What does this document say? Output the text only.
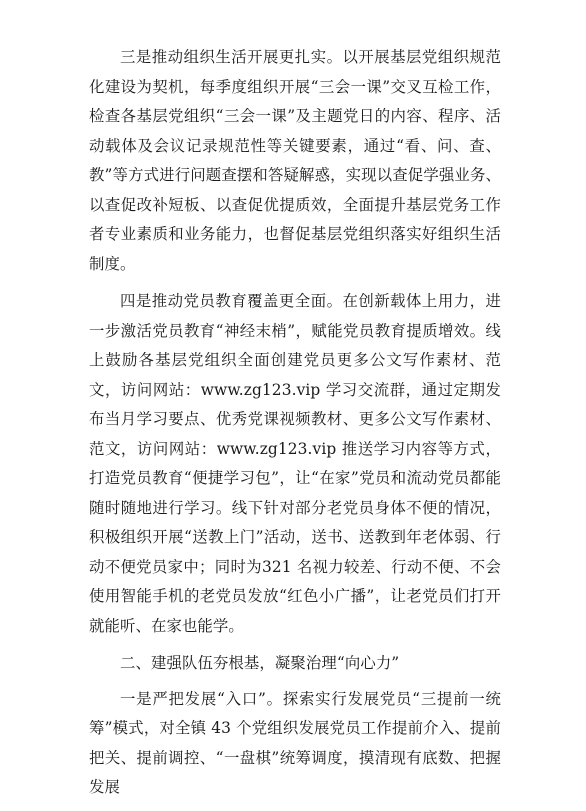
三是推动组织生活开展更扎实。以开展基层党组织规范化建设为契机，每季度组织开展“三会一课”交叉互检工作，检查各基层党组织“三会一课”及主题党日的内容、程序、活动载体及会议记录规范性等关键要素，通过“看、问、查、教”等方式进行问题查摆和答疑解惑，实现以查促学强业务、以查促改补短板、以查促优提质效，全面提升基层党务工作者专业素质和业务能力，也督促基层党组织落实好组织生活制度。

四是推动党员教育覆盖更全面。在创新载体上用力，进一步激活党员教育“神经末梢”，赋能党员教育提质增效。线上鼓励各基层党组织全面创建党员更多公文写作素材、范文，访问网站：www.zg123.vip 学习交流群，通过定期发布当月学习要点、优秀党课视频教材、更多公文写作素材、范文，访问网站：www.zg123.vip 推送学习内容等方式，打造党员教育“便捷学习包”，让“在家”党员和流动党员都能随时随地进行学习。线下针对部分老党员身体不便的情况，积极组织开展“送教上门”活动，送书、送教到年老体弱、行动不便党员家中；同时为321 名视力较差、行动不便、不会使用智能手机的老党员发放“红色小广播”，让老党员们打开就能听、在家也能学。

二、建强队伍夯根基，凝聚治理“向心力”

一是严把发展“入口”。探索实行发展党员“三提前一统筹”模式，对全镇 43 个党组织发展党员工作提前介入、提前把关、提前调控、“一盘棋”统筹调度，摸清现有底数、把握发展
